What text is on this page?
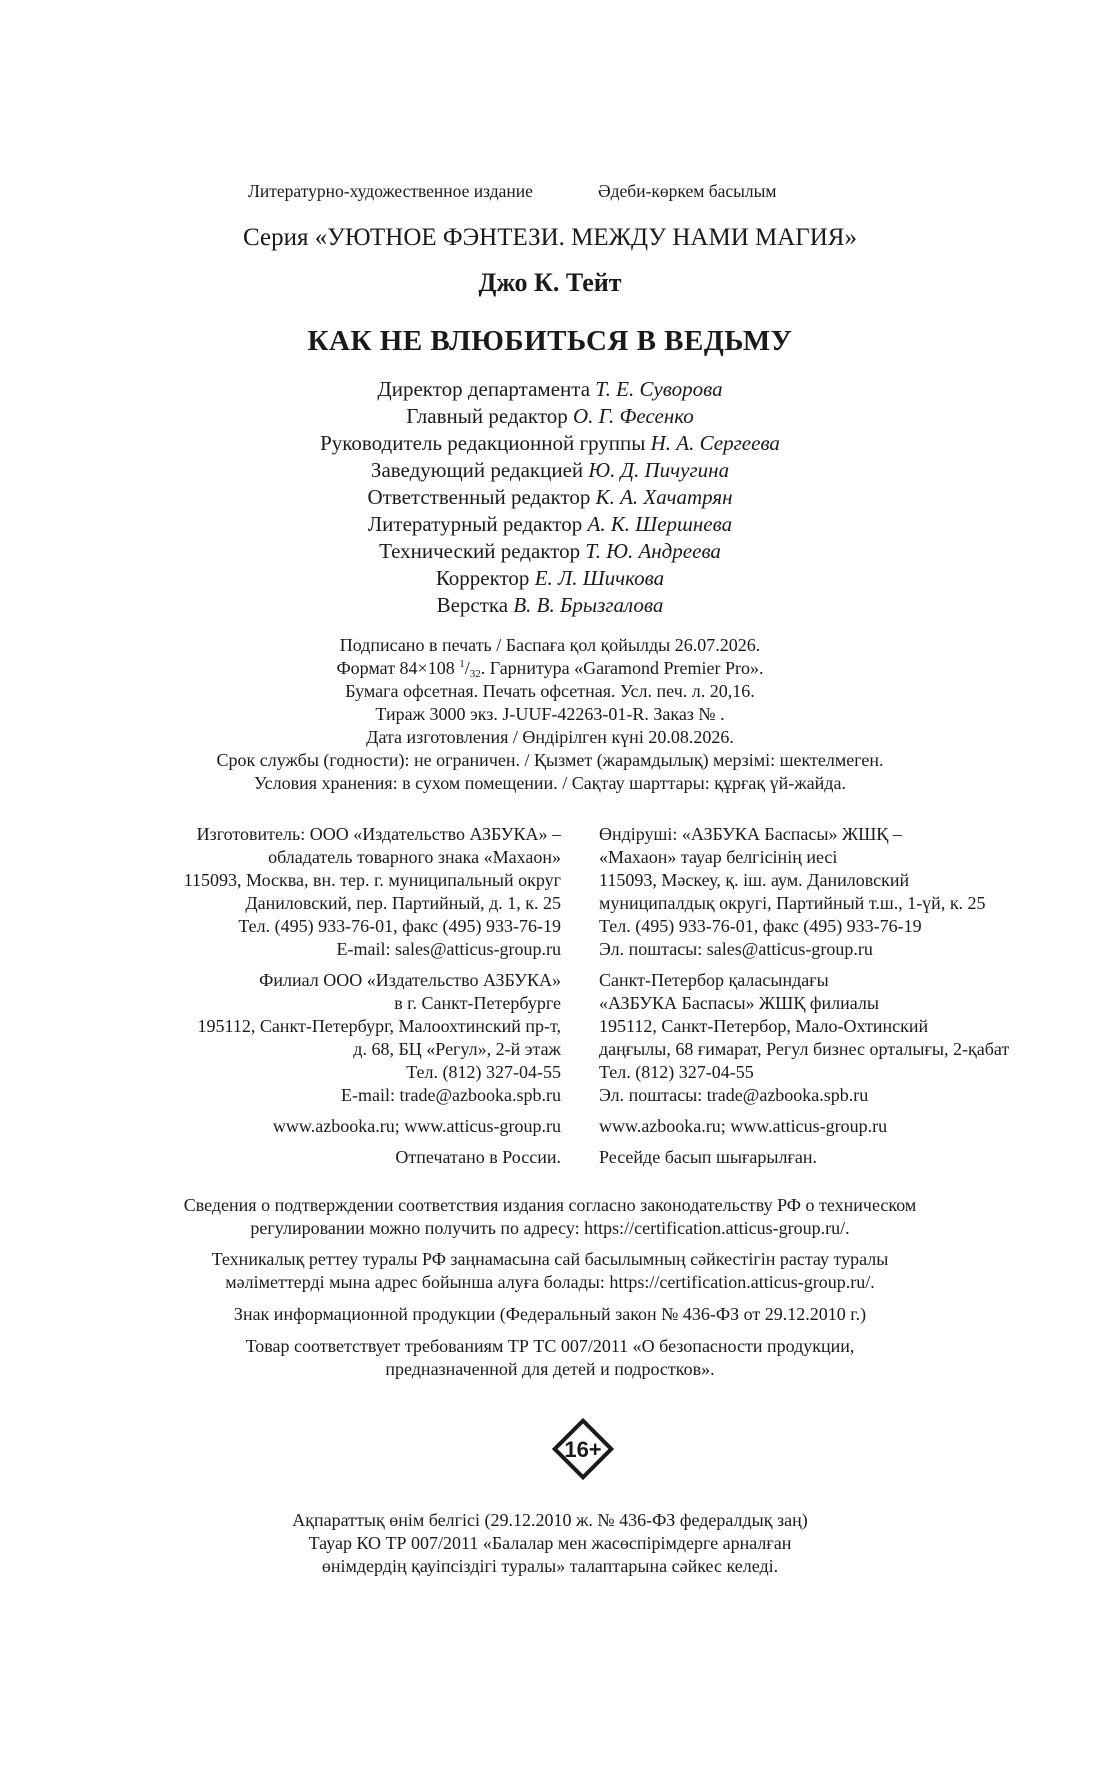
Литературно-художественное издание	Әдеби-көркем басылым
Серия «УЮТНОЕ ФЭНТЕЗИ. МЕЖДУ НАМИ МАГИЯ»
Джо К. Тейт
КАК НЕ ВЛЮБИТЬСЯ В ВЕДЬМУ
Директор департамента Т. Е. Суворова
Главный редактор О. Г. Фесенко
Руководитель редакционной группы Н. А. Сергеева
Заведующий редакцией Ю. Д. Пичугина
Ответственный редактор К. А. Хачатрян
Литературный редактор А. К. Шершнева
Технический редактор Т. Ю. Андреева
Корректор Е. Л. Шичкова
Верстка В. В. Брызгалова
Подписано в печать / Баспаға қол қойылды 26.07.2026.
Формат 84×108 $^1/_{32}$. Гарнитура «Garamond Premier Pro».
Бумага офсетная. Печать офсетная. Усл. печ. л. 20,16.
Тираж 3000 экз. J-UUF-42263-01-R. Заказ № .
Дата изготовления / Өндірілген күні 20.08.2026.
Срок службы (годности): не ограничен. / Қызмет (жарамдылық) мерзімі: шектелмеген.
Условия хранения: в сухом помещении. / Сақтау шарттары: құрғақ үй-жайда.
Изготовитель: ООО «Издательство АЗБУКА» –
обладатель товарного знака «Махаон»
115093, Москва, вн. тер. г. муниципальный округ
Даниловский, пер. Партийный, д. 1, к. 25
Тел. (495) 933-76-01, факс (495) 933-76-19
E-mail: sales@atticus-group.ru
Филиал ООО «Издательство АЗБУКА»
в г. Санкт-Петербурге
195112, Санкт-Петербург, Малоохтинский пр-т,
д. 68, БЦ «Регул», 2-й этаж
Тел. (812) 327-04-55
E-mail: trade@azbooka.spb.ru
www.azbooka.ru; www.atticus-group.ru
Отпечатано в России.
Өндіруші: «АЗБУКА Баспасы» ЖШҚ –
«Махаон» тауар белгісінің иесі
115093, Мәскеу, қ. іш. аум. Даниловский
муниципалдық округі, Партийный т.ш., 1-үй, к. 25
Тел. (495) 933-76-01, факс (495) 933-76-19
Эл. поштасы: sales@atticus-group.ru
Санкт-Петербор қаласындағы
«АЗБУКА Баспасы» ЖШҚ филиалы
195112, Санкт-Петербор, Мало-Охтинский
даңғылы, 68 ғимарат, Регул бизнес орталығы, 2-қабат
Тел. (812) 327-04-55
Эл. поштасы: trade@azbooka.spb.ru
www.azbooka.ru; www.atticus-group.ru
Ресейде басып шығарылған.
Сведения о подтверждении соответствия издания согласно законодательству РФ о техническом
регулировании можно получить по адресу: https://certification.atticus-group.ru/.
Техникалық реттеу туралы РФ заңнамасына сай басылымның сәйкестігін растау туралы
мәліметтерді мына адрес бойынша алуға болады: https://certification.atticus-group.ru/.
Знак информационной продукции (Федеральный закон № 436-ФЗ от 29.12.2010 г.)
Товар соответствует требованиям ТР ТС 007/2011 «О безопасности продукции,
предназначенной для детей и подростков».
16+
Ақпараттық өнім белгісі (29.12.2010 ж. № 436-ФЗ федералдық заң)
Тауар КО ТР 007/2011 «Балалар мен жасөспірімдерге арналған
өнімдердің қауіпсіздігі туралы» талаптарына сәйкес келеді.
